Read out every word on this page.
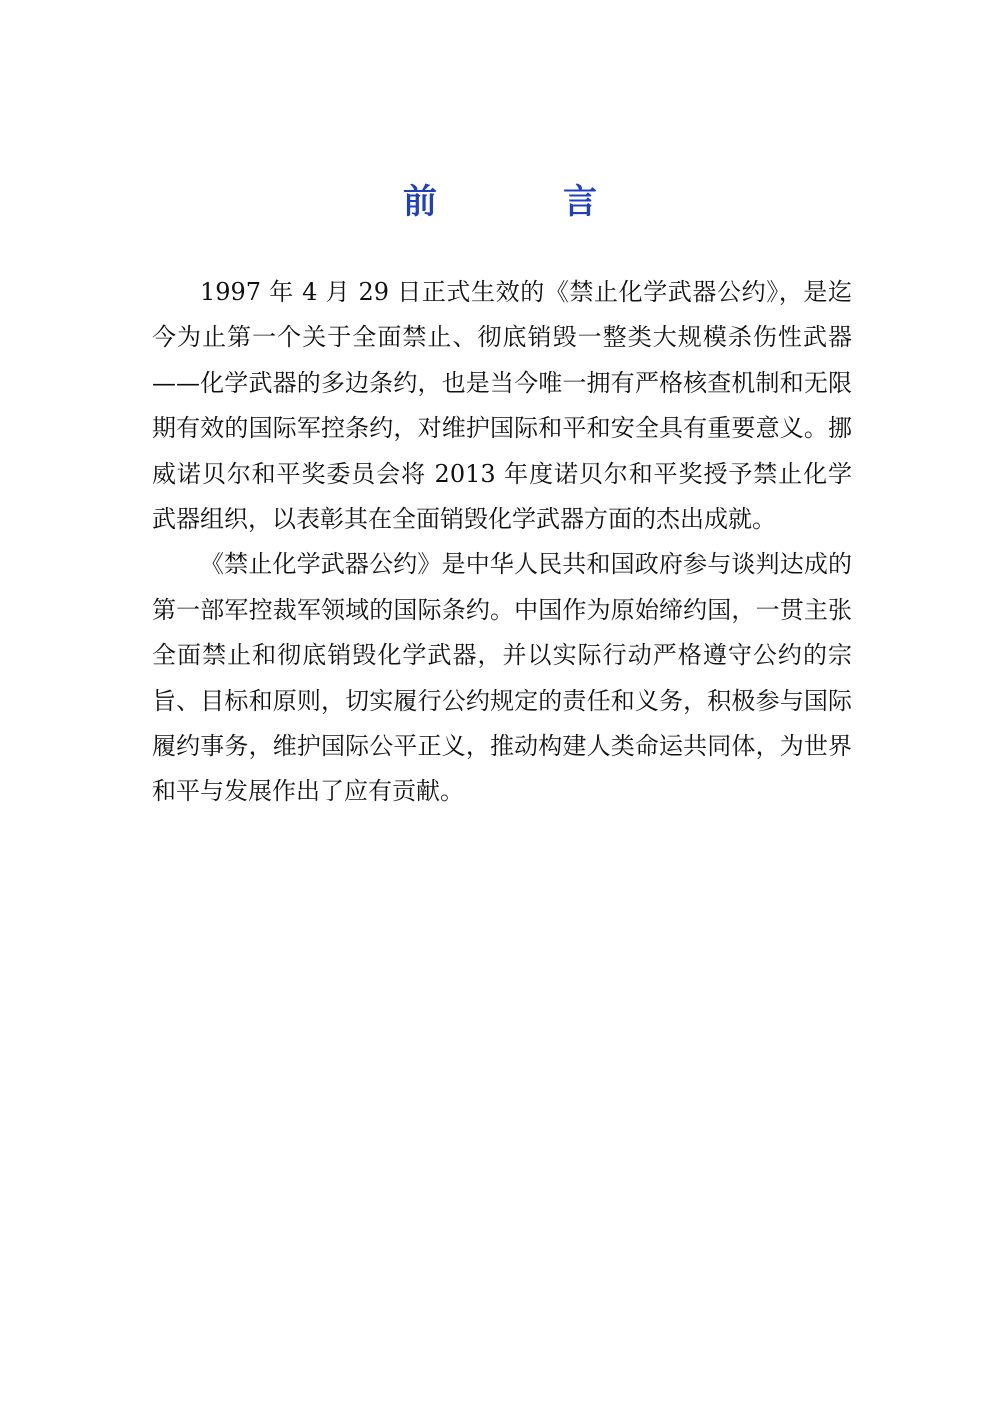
前　言

1997 年 4 月 29 日正式生效的《禁止化学武器公约》，是迄今为止第一个关于全面禁止、彻底销毁一整类大规模杀伤性武器——化学武器的多边条约，也是当今唯一拥有严格核查机制和无限期有效的国际军控条约，对维护国际和平和安全具有重要意义。挪威诺贝尔和平奖委员会将 2013 年度诺贝尔和平奖授予禁止化学武器组织，以表彰其在全面销毁化学武器方面的杰出成就。

《禁止化学武器公约》是中华人民共和国政府参与谈判达成的第一部军控裁军领域的国际条约。中国作为原始缔约国，一贯主张全面禁止和彻底销毁化学武器，并以实际行动严格遵守公约的宗旨、目标和原则，切实履行公约规定的责任和义务，积极参与国际履约事务，维护国际公平正义，推动构建人类命运共同体，为世界和平与发展作出了应有贡献。
